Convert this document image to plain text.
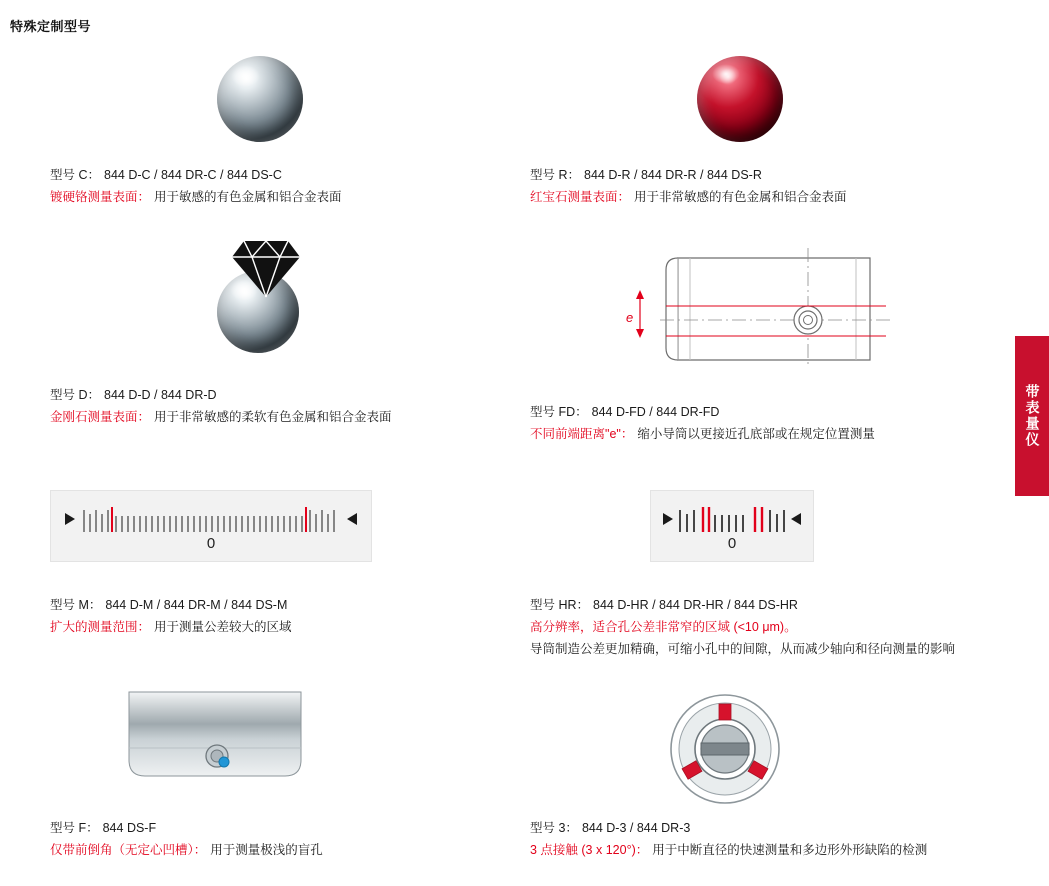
特殊定制型号
带表量仪
型号 C： 844 D-C / 844 DR-C / 844 DS-C
镀硬铬测量表面： 用于敏感的有色金属和铝合金表面
型号 R： 844 D-R / 844 DR-R / 844 DS-R
红宝石测量表面： 用于非常敏感的有色金属和铝合金表面
型号 D： 844 D-D / 844 DR-D
金刚石测量表面： 用于非常敏感的柔软有色金属和铝合金表面
e
型号 FD： 844 D-FD / 844 DR-FD
不同前端距离"e"： 缩小导筒以更接近孔底部或在规定位置测量
0
型号 M： 844 D-M / 844 DR-M / 844 DS-M
扩大的测量范围： 用于测量公差较大的区域
0
型号 HR： 844 D-HR / 844 DR-HR / 844 DS-HR
高分辨率，适合孔公差非常窄的区域 (<10 μm)。
导筒制造公差更加精确，可缩小孔中的间隙，从而减少轴向和径向测量的影响
型号 F： 844 DS-F
仅带前倒角（无定心凹槽）： 用于测量极浅的盲孔
型号 3： 844 D-3 / 844 DR-3
3 点接触 (3 x 120°)： 用于中断直径的快速测量和多边形外形缺陷的检测
